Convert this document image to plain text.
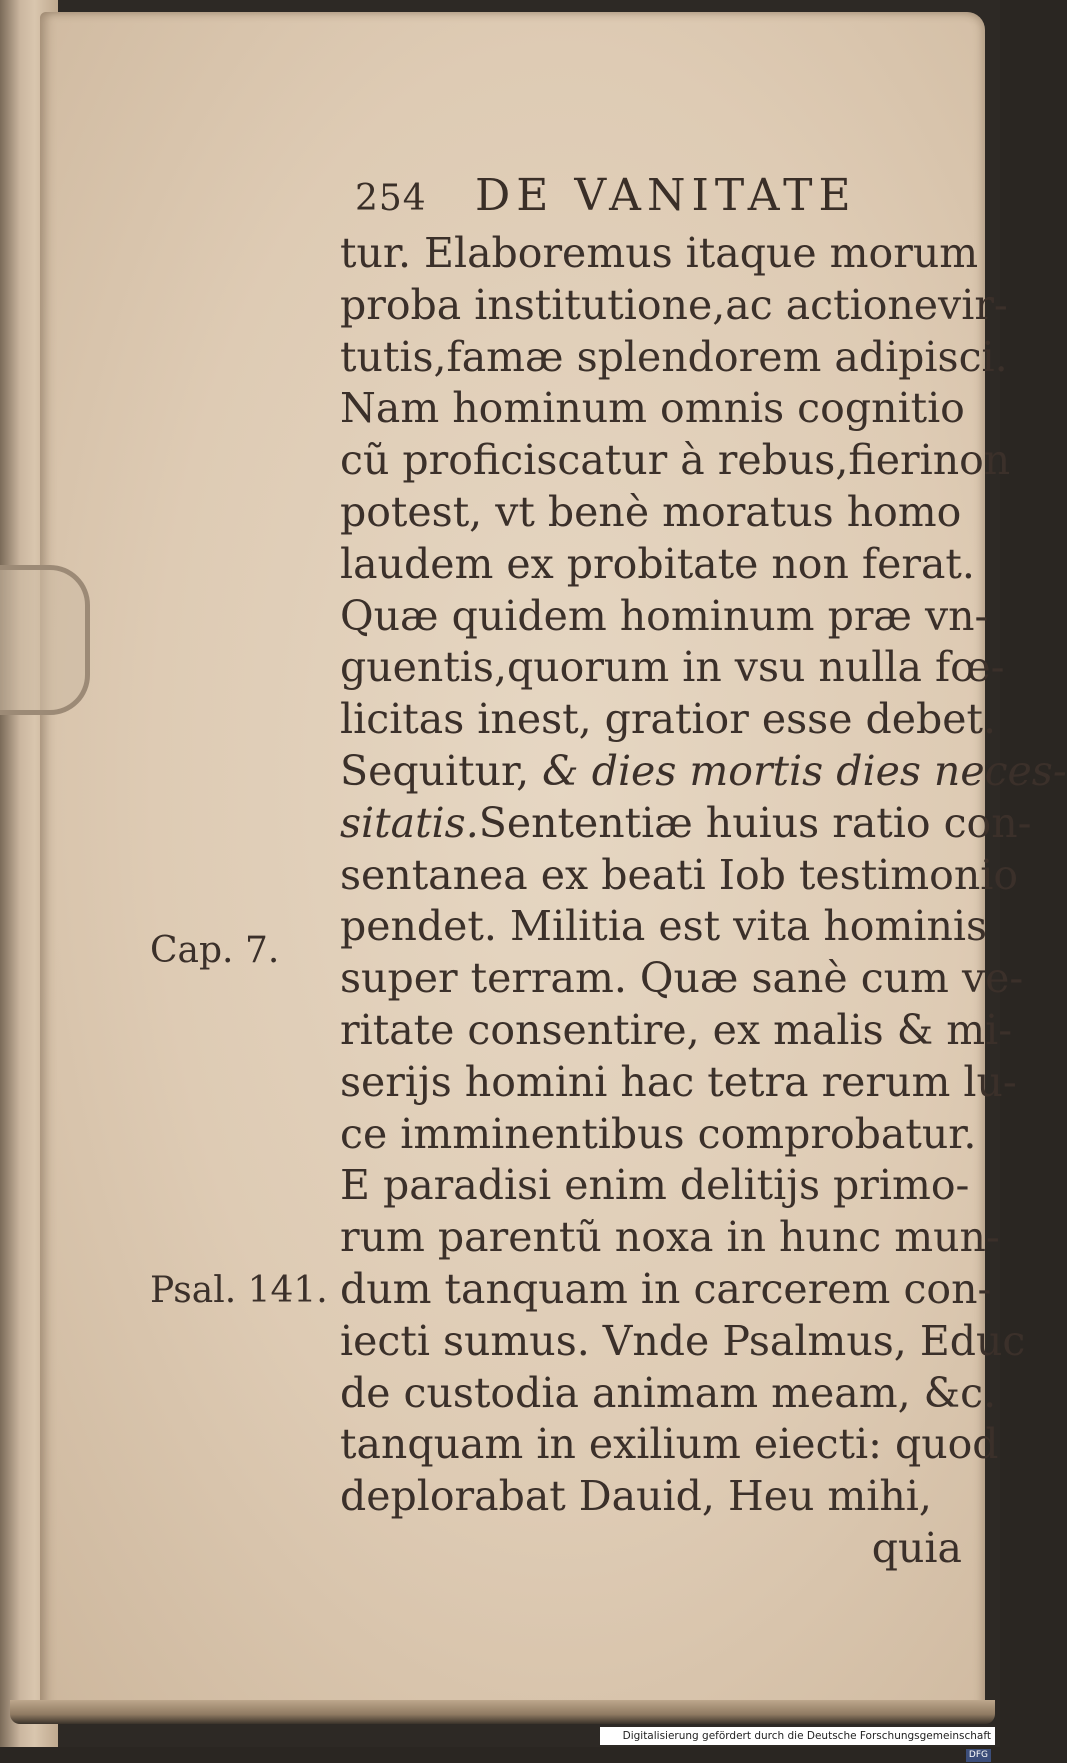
254 DE VANITATE
tur. Elaboremus itaque morum
proba institutione,ac actionevir-
tutis,famæ splendorem adipisci.
Nam hominum omnis cognitio
cũ proficiscatur à rebus,fierinon
potest, vt benè moratus homo
laudem ex probitate non ferat.
Quæ quidem hominum præ vn-
guentis,quorum in vsu nulla fœ-
licitas inest, gratior esse debet.
Sequitur, & dies mortis dies neces-
sitatis.Sententiæ huius ratio con-
sentanea ex beati Iob testimonio
pendet. Militia est vita hominis
super terram. Quæ sanè cum ve-
ritate consentire, ex malis & mi-
serijs homini hac tetra rerum lu-
ce imminentibus comprobatur.
E paradisi enim delitijs primo-
rum parentũ noxa in hunc mun-
dum tanquam in carcerem con-
iecti sumus. Vnde Psalmus, Educ
de custodia animam meam, &c.
tanquam in exilium eiecti: quod
deplorabat Dauid, Heu mihi,
quia
Cap. 7.
Psal. 141.
Digitalisierung gefördert durch die Deutsche Forschungsgemeinschaft DFG
